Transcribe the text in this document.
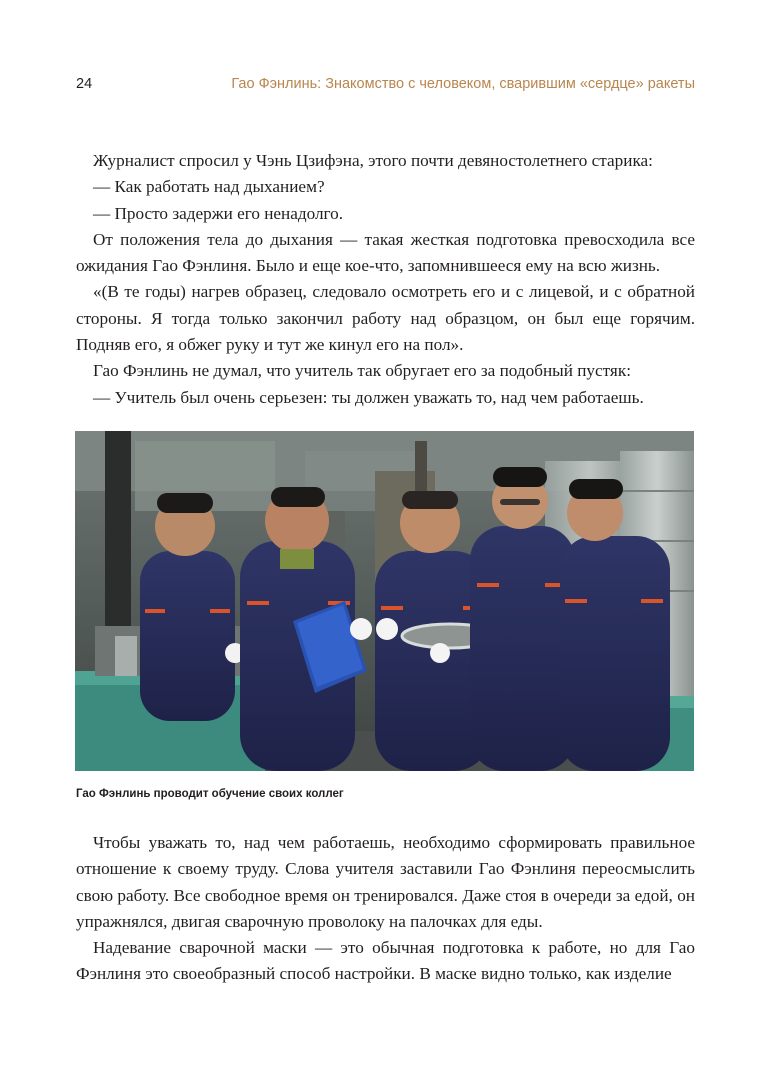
24	Гао Фэнлинь: Знакомство с человеком, сварившим «сердце» ракеты

Журналист спросил у Чэнь Цзифэна, этого почти девяностолетнего старика:

— Как работать над дыханием?

— Просто задержи его ненадолго.

От положения тела до дыхания — такая жесткая подготовка превосходила все ожидания Гао Фэнлиня. Было и еще кое-что, запомнившееся ему на всю жизнь.

«(В те годы) нагрев образец, следовало осмотреть его и с лицевой, и с обратной стороны. Я тогда только закончил работу над образцом, он был еще горячим. Подняв его, я обжег руку и тут же кинул его на пол».

Гао Фэнлинь не думал, что учитель так обругает его за подобный пустяк:

— Учитель был очень серьезен: ты должен уважать то, над чем работаешь.

Гао Фэнлинь проводит обучение своих коллег

Чтобы уважать то, над чем работаешь, необходимо сформировать правильное отношение к своему труду. Слова учителя заставили Гао Фэнлиня переосмыслить свою работу. Все свободное время он тренировался. Даже стоя в очереди за едой, он упражнялся, двигая сварочную проволоку на палочках для еды.

Надевание сварочной маски — это обычная подготовка к работе, но для Гао Фэнлиня это своеобразный способ настройки. В маске видно только, как изделие
